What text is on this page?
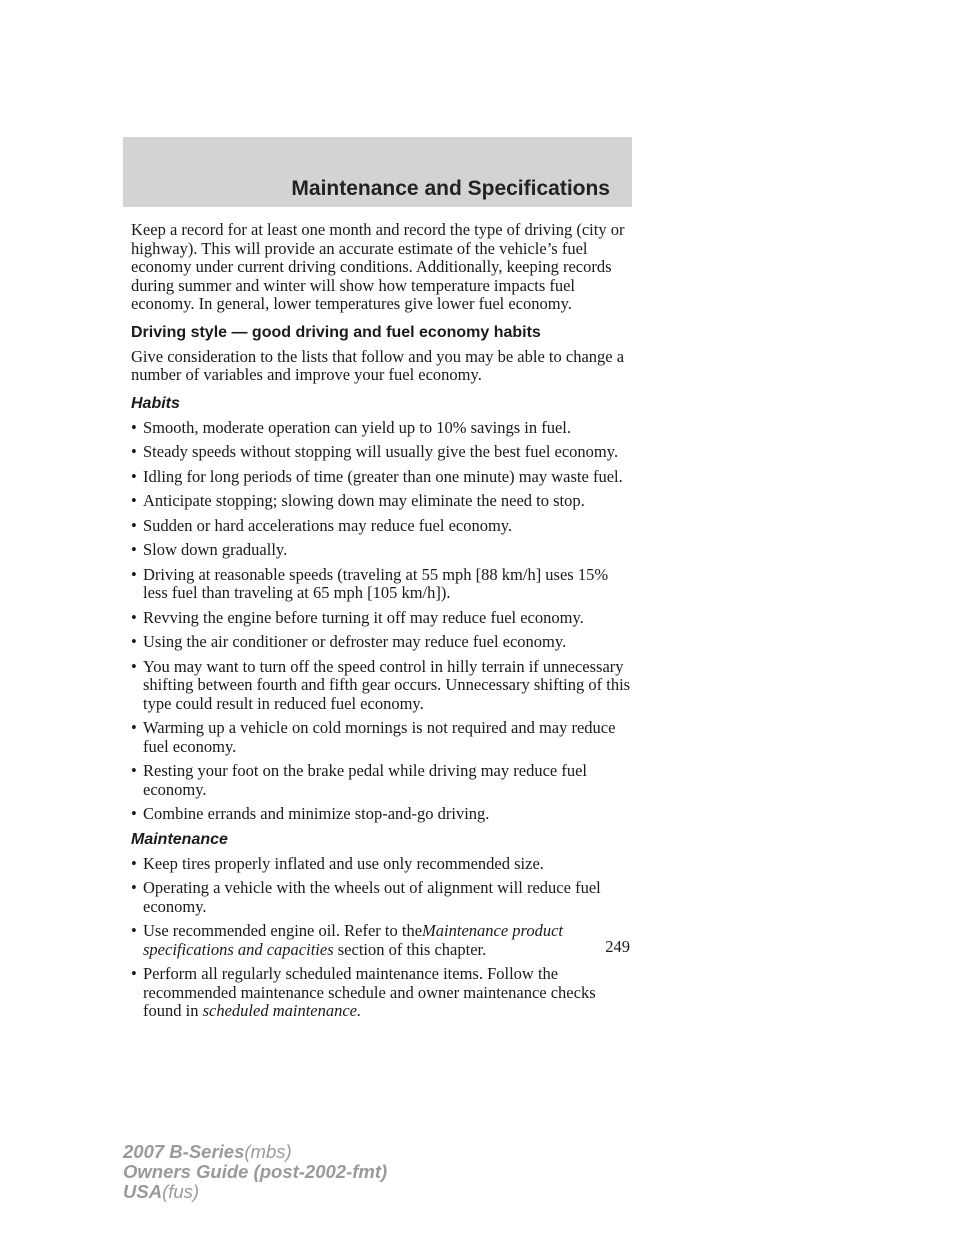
Maintenance and Specifications

Keep a record for at least one month and record the type of driving (city or highway). This will provide an accurate estimate of the vehicle’s fuel economy under current driving conditions. Additionally, keeping records during summer and winter will show how temperature impacts fuel economy. In general, lower temperatures give lower fuel economy.

Driving style — good driving and fuel economy habits

Give consideration to the lists that follow and you may be able to change a number of variables and improve your fuel economy.

Habits
• Smooth, moderate operation can yield up to 10% savings in fuel.
• Steady speeds without stopping will usually give the best fuel economy.
• Idling for long periods of time (greater than one minute) may waste fuel.
• Anticipate stopping; slowing down may eliminate the need to stop.
• Sudden or hard accelerations may reduce fuel economy.
• Slow down gradually.
• Driving at reasonable speeds (traveling at 55 mph [88 km/h] uses 15% less fuel than traveling at 65 mph [105 km/h]).
• Revving the engine before turning it off may reduce fuel economy.
• Using the air conditioner or defroster may reduce fuel economy.
• You may want to turn off the speed control in hilly terrain if unnecessary shifting between fourth and fifth gear occurs. Unnecessary shifting of this type could result in reduced fuel economy.
• Warming up a vehicle on cold mornings is not required and may reduce fuel economy.
• Resting your foot on the brake pedal while driving may reduce fuel economy.
• Combine errands and minimize stop-and-go driving.
Maintenance
• Keep tires properly inflated and use only recommended size.
• Operating a vehicle with the wheels out of alignment will reduce fuel economy.
• Use recommended engine oil. Refer to theMaintenance product specifications and capacities section of this chapter.
• Perform all regularly scheduled maintenance items. Follow the recommended maintenance schedule and owner maintenance checks found in scheduled maintenance.
249
2007 B-Series(mbs)
Owners Guide (post-2002-fmt)
USA(fus)
